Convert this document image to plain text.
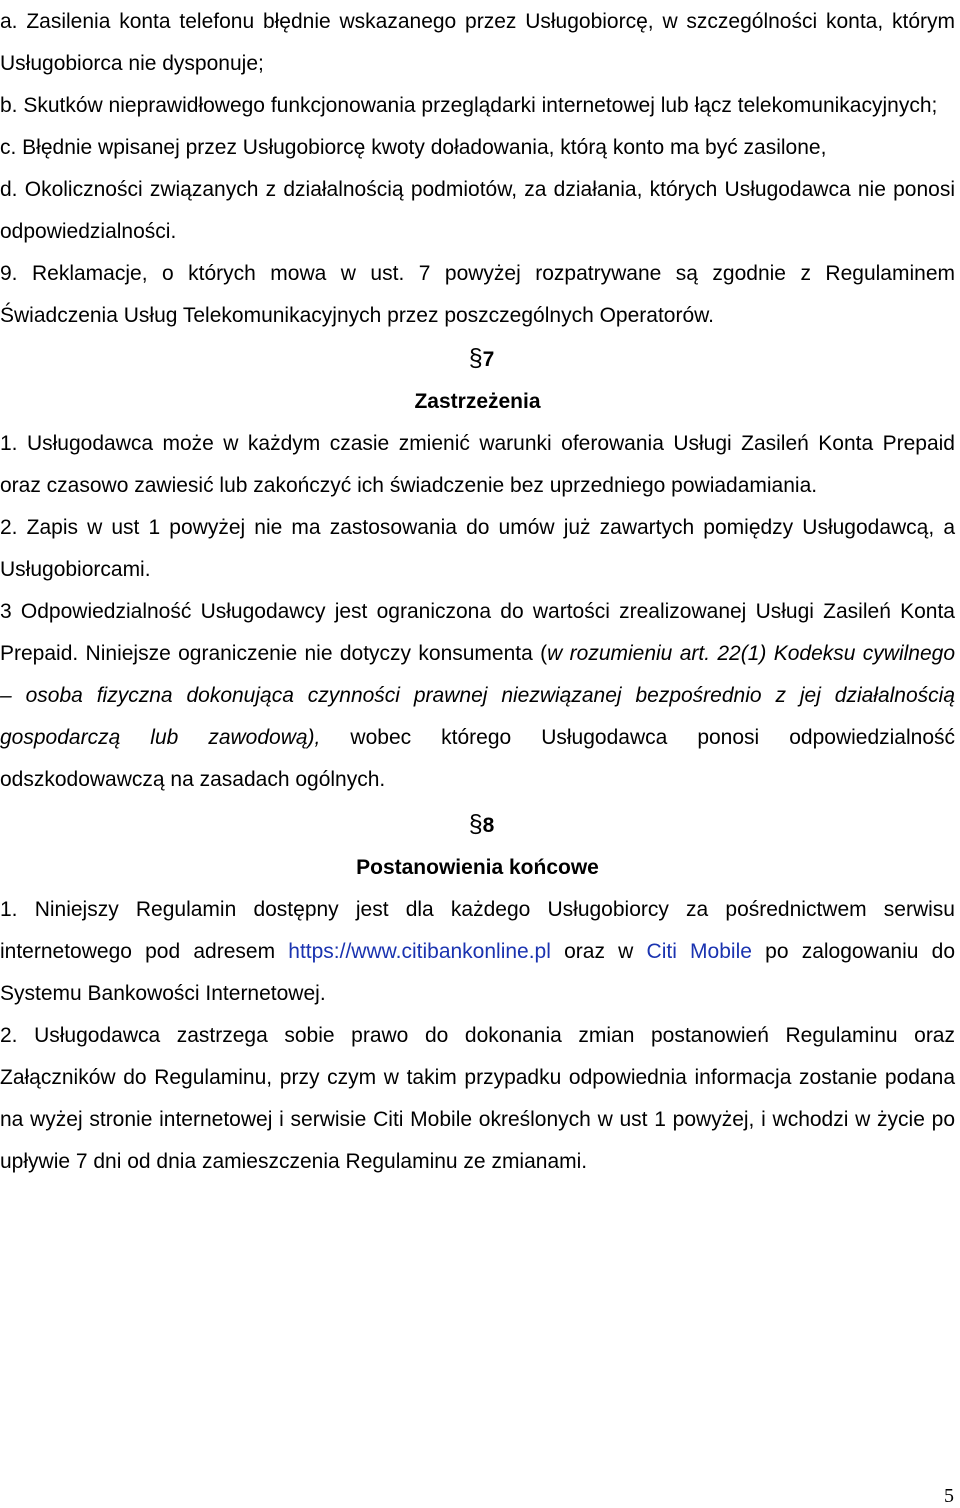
a. Zasilenia konta telefonu błędnie wskazanego przez Usługobiorcę, w szczególności konta, którym Usługobiorca nie dysponuje;

b. Skutków nieprawidłowego funkcjonowania przeglądarki internetowej lub łącz telekomunikacyjnych;

c. Błędnie wpisanej przez Usługobiorcę kwoty doładowania, którą konto ma być zasilone,

d. Okoliczności związanych z działalnością podmiotów, za działania, których Usługodawca nie ponosi odpowiedzialności.

9. Reklamacje, o których mowa w ust. 7 powyżej rozpatrywane są zgodnie z Regulaminem Świadczenia Usług Telekomunikacyjnych przez poszczególnych Operatorów.

§7

Zastrzeżenia

1. Usługodawca może w każdym czasie zmienić warunki oferowania Usługi Zasileń Konta Prepaid oraz czasowo zawiesić lub zakończyć ich świadczenie bez uprzedniego powiadamiania.

2. Zapis w ust 1 powyżej nie ma zastosowania do umów już zawartych pomiędzy Usługodawcą, a Usługobiorcami.

3 Odpowiedzialność Usługodawcy jest ograniczona do wartości zrealizowanej Usługi Zasileń Konta Prepaid. Niniejsze ograniczenie nie dotyczy konsumenta (w rozumieniu art. 22(1) Kodeksu cywilnego – osoba fizyczna dokonująca czynności prawnej niezwiązanej bezpośrednio z jej działalnością gospodarczą lub zawodową), wobec którego Usługodawca ponosi odpowiedzialność odszkodowawczą na zasadach ogólnych.

§8

Postanowienia końcowe

1. Niniejszy Regulamin dostępny jest dla każdego Usługobiorcy za pośrednictwem serwisu internetowego pod adresem https://www.citibankonline.pl oraz w Citi Mobile po zalogowaniu do Systemu Bankowości Internetowej.

2. Usługodawca zastrzega sobie prawo do dokonania zmian postanowień Regulaminu oraz Załączników do Regulaminu, przy czym w takim przypadku odpowiednia informacja zostanie podana na wyżej stronie internetowej i serwisie Citi Mobile określonych w ust 1 powyżej, i wchodzi w życie po upływie 7 dni od dnia zamieszczenia Regulaminu ze zmianami.

5
